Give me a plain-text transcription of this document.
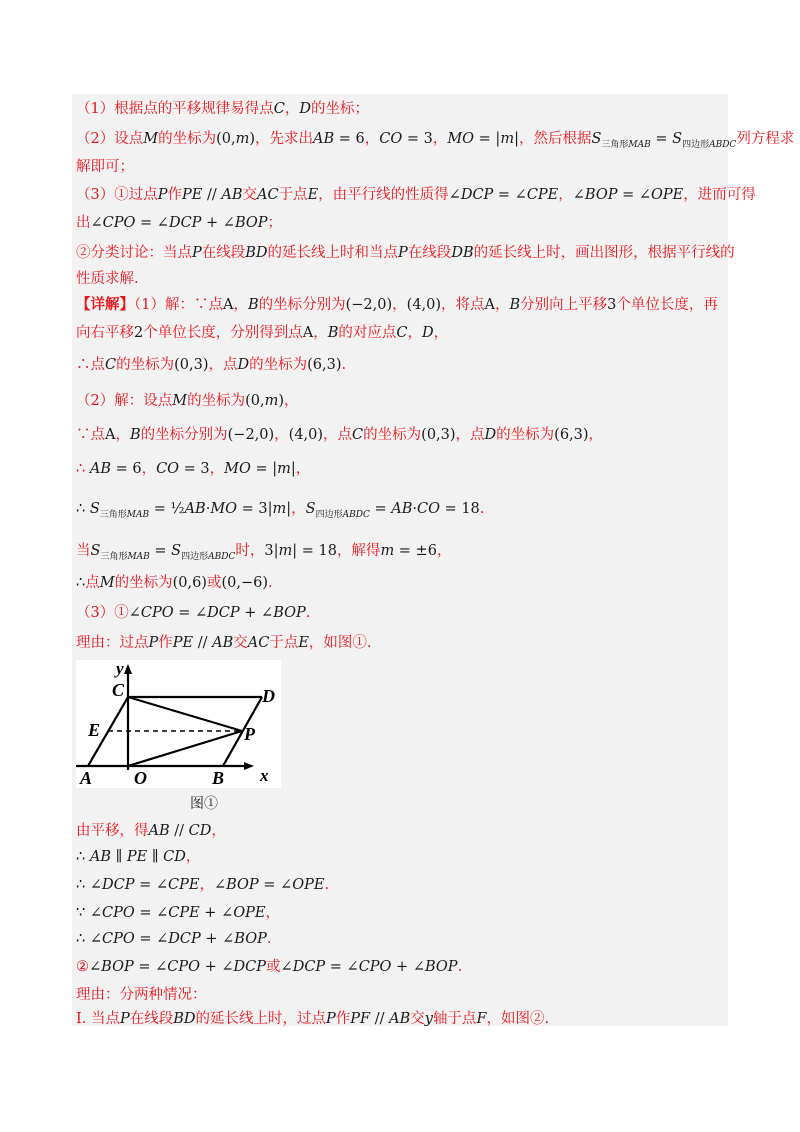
（1）根据点的平移规律易得点C，D的坐标；
（2）设点M的坐标为(0,m)，先求出AB = 6，CO = 3，MO = |m|，然后根据$S_{三角形MAB} = S_{四边形ABDC}$列方程求
解即可；
（3）①过点P作PE // AB交AC于点E，由平行线的性质得∠DCP = ∠CPE，∠BOP = ∠OPE，进而可得
出∠CPO = ∠DCP + ∠BOP；
②分类讨论：当点P在线段BD的延长线上时和当点P在线段DB的延长线上时，画出图形，根据平行线的
性质求解.
【详解】（1）解：∵点A，B的坐标分别为(−2,0)，(4,0)，将点A，B分别向上平移3个单位长度，再
向右平移2个单位长度，分别得到点A，B的对应点C，D，
∴点C的坐标为(0,3)，点D的坐标为(6,3).
（2）解：设点M的坐标为(0,m)，
∵点A，B的坐标分别为(−2,0)，(4,0)，点C的坐标为(0,3)，点D的坐标为(6,3)，
∴ AB = 6，CO = 3，MO = |m|，
∴ $S_{三角形MAB}$ = ½AB·MO = 3|m|，$S_{四边形ABDC} = AB\cdot CO = 18$.
当$S_{三角形MAB} = S_{四边形ABDC}$时，3|m| = 18，解得m = ±6，
∴点M的坐标为(0,6)或(0,−6).
（3）①∠CPO = ∠DCP + ∠BOP.
理由：过点P作PE // AB交AC于点E，如图①.
y
x
C	D
E	P
A O	B
图①
由平移，得AB // CD，
∴ AB ∥ PE ∥ CD，
∴ ∠DCP = ∠CPE，∠BOP = ∠OPE.
∵ ∠CPO = ∠CPE + ∠OPE，
∴ ∠CPO = ∠DCP + ∠BOP.
②∠BOP = ∠CPO + ∠DCP或∠DCP = ∠CPO + ∠BOP.
理由：分两种情况：
Ⅰ. 当点P在线段BD的延长线上时，过点P作PF // AB交y轴于点F，如图②.
